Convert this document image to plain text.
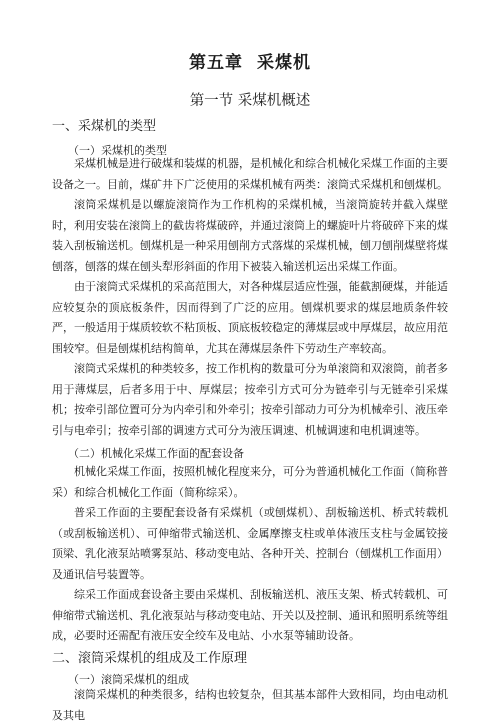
第五章 采煤机
第一节 采煤机概述
一、采煤机的类型
（一）采煤机的类型

采煤机械是进行破煤和装煤的机器，是机械化和综合机械化采煤工作面的主要设备之一。目前，煤矿井下广泛使用的采煤机械有两类：滚筒式采煤机和刨煤机。

滚筒采煤机是以螺旋滚筒作为工作机构的采煤机械，当滚筒旋转并截入煤壁时，利用安装在滚筒上的截齿将煤破碎，并通过滚筒上的螺旋叶片将破碎下来的煤装入刮板输送机。刨煤机是一种采用刨削方式落煤的采煤机械，刨刀刨削煤壁将煤刨落，刨落的煤在刨头犁形斜面的作用下被装入输送机运出采煤工作面。

由于滚筒式采煤机的采高范围大，对各种煤层适应性强，能截割硬煤，并能适应较复杂的顶底板条件，因而得到了广泛的应用。刨煤机要求的煤层地质条件较严，一般适用于煤质较软不粘顶板、顶底板较稳定的薄煤层或中厚煤层，故应用范围较窄。但是刨煤机结构简单，尤其在薄煤层条件下劳动生产率较高。

滚筒式采煤机的种类较多，按工作机构的数量可分为单滚筒和双滚筒，前者多用于薄煤层，后者多用于中、厚煤层；按牵引方式可分为链牵引与无链牵引采煤机；按牵引部位置可分为内牵引和外牵引；按牵引部动力可分为机械牵引、液压牵引与电牵引；按牵引部的调速方式可分为液压调速、机械调速和电机调速等。

（二）机械化采煤工作面的配套设备

机械化采煤工作面，按照机械化程度来分，可分为普通机械化工作面（简称普采）和综合机械化工作面（简称综采）。

普采工作面的主要配套设备有采煤机（或刨煤机）、刮板输送机、桥式转载机（或刮板输送机）、可伸缩带式输送机、金属摩擦支柱或单体液压支柱与金属铰接顶梁、乳化液泵站喷雾泵站、移动变电站、各种开关、控制台（刨煤机工作面用）及通讯信号装置等。

综采工作面成套设备主要由采煤机、刮板输送机、液压支架、桥式转载机、可伸缩带式输送机、乳化液泵站与移动变电站、开关以及控制、通讯和照明系统等组成，必要时还需配有液压安全绞车及电站、小水泵等辅助设备。

二、滚筒采煤机的组成及工作原理
（一）滚筒采煤机的组成

滚筒采煤机的种类很多，结构也较复杂，但其基本部件大致相同，均由电动机及其电
